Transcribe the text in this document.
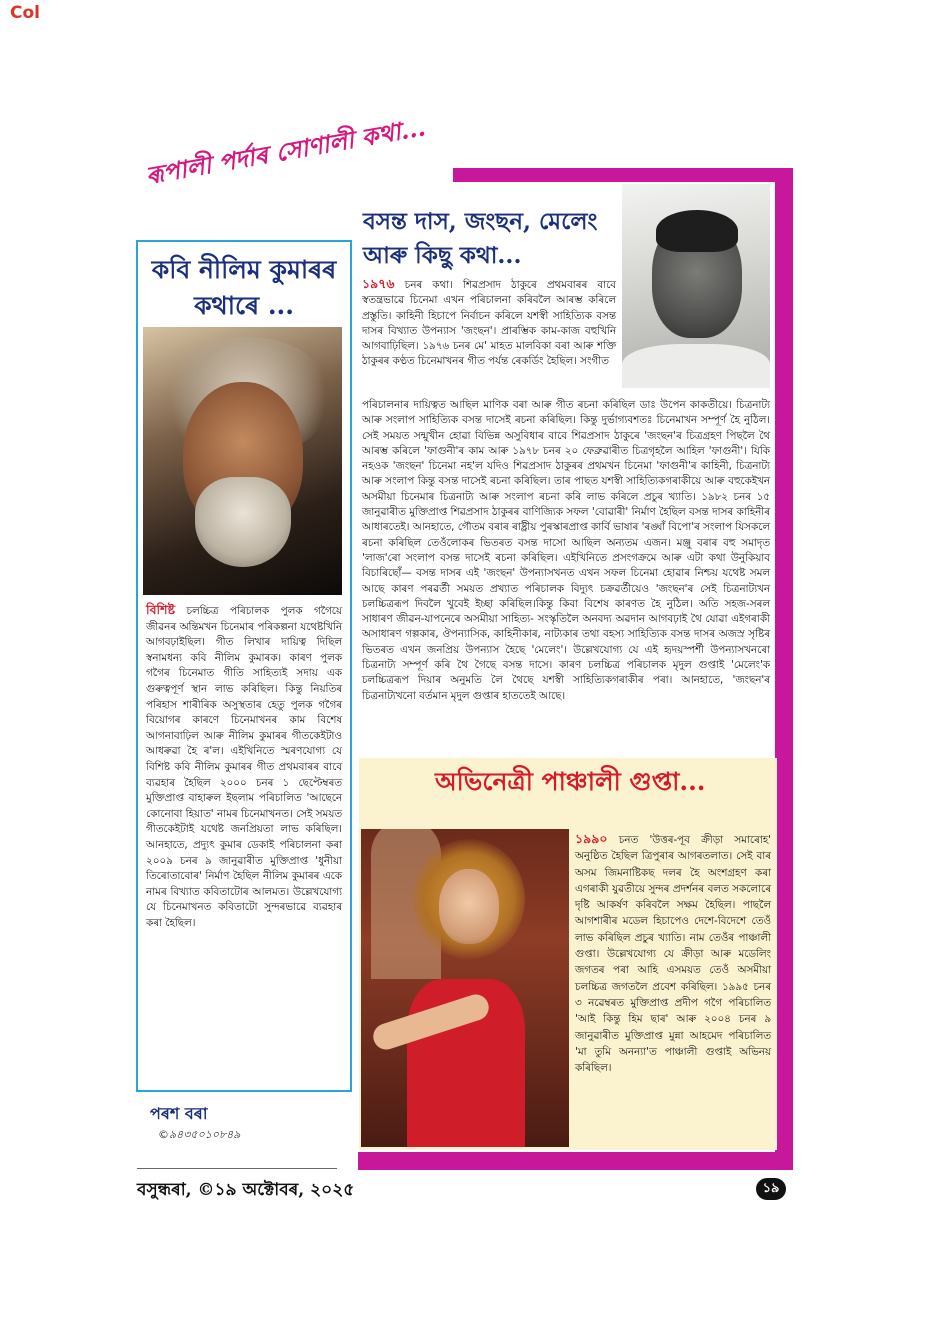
Col
ৰূপালী পৰ্দাৰ সোণালী কথা...
কবি নীলিম কুমাৰৰ কথাৰে ...
বিশিষ্ট চলচ্চিত্ৰ পৰিচালক পুলক গগৈয়ে জীৱনৰ অন্তিমখন চিনেমাৰ পৰিকল্পনা যথেষ্টখিনি আগবঢ়াইছিল। গীত লিখাৰ দায়িত্ব দিছিল স্বনামধন্য কবি নীলিম কুমাৰক। কাৰণ পুলক গগৈৰ চিনেমাত গীতি সাহিত্যই সদায় এক গুৰুত্বপূৰ্ণ স্থান লাভ কৰিছিল। কিন্তু নিয়তিৰ পৰিহাস শাৰীৰিক অসুস্থতাৰ হেতু পুলক গগৈৰ বিয়োগৰ কাৰণে চিনেমাখনৰ কাম বিশেষ আগনাবাঢ়িল আৰু নীলিম কুমাৰৰ গীতকেইটাও আধৰুৱা হৈ ৰ'ল। এইখিনিতে স্মৰণযোগ্য যে বিশিষ্ট কবি নীলিম কুমাৰৰ গীত প্ৰথমবাৰৰ বাবে ব্যৱহাৰ হৈছিল ২০০০ চনৰ ১ ছেপ্টেম্বৰত মুক্তিপ্ৰাপ্ত বাহাৰুল ইছলাম পৰিচালিত 'আছেনে কোনোবা হিয়াত' নামৰ চিনেমাখনত। সেই সময়ত গীতকেইটাই যথেষ্ট জনপ্ৰিয়তা লাভ কৰিছিল। আনহাতে, প্ৰদ্যুৎ কুমাৰ ডেকাই পৰিচালনা কৰা ২০০৯ চনৰ ৯ জানুৱাৰীত মুক্তিপ্ৰাপ্ত 'ধুনীয়া তিৰোতাবোৰ' নিৰ্মাণ হৈছিল নীলিম কুমাৰৰ একে নামৰ বিখ্যাত কবিতাটোৰ আলমত। উল্লেখযোগ্য যে চিনেমাখনত কবিতাটো সুন্দৰভাৱে ব্যৱহাৰ কৰা হৈছিল।
পৰশ বৰা
©৯৪৩৫০১০৮৪৯
বসন্ত দাস, জংছন, মেলেং আৰু কিছু কথা...
১৯৭৬ চনৰ কথা। শিৱপ্ৰসাদ ঠাকুৰে প্ৰথমবাৰৰ বাবে স্বতন্ত্ৰভাৱে চিনেমা এখন পৰিচালনা কৰিবলৈ আৰম্ভ কৰিলে প্ৰস্তুতি। কাহিনী হিচাপে নিৰ্বাচন কৰিলে যশস্বী সাহিত্যিক বসন্ত দাসৰ বিখ্যাত উপন্যাস 'জংছন'। প্ৰাৰম্ভিক কাম-কাজ বহুখিনি আগবাঢ়িছিল। ১৯৭৬ চনৰ মে' মাহত মালবিকা বৰা আৰু শক্তি ঠাকুৰৰ কণ্ঠত চিনেমাখনৰ গীত পৰ্যন্ত ৰেকৰ্ডিং হৈছিল। সংগীত
পৰিচালনাৰ দায়িত্বত আছিল মাণিক বৰা আৰু গীত ৰচনা কৰিছিল ডাঃ উপেন কাকতীয়ে। চিত্ৰনাট্য আৰু সংলাপ সাহিত্যিক বসন্ত দাসেই ৰচনা কৰিছিল। কিন্তু দুৰ্ভাগ্যবশতঃ চিনেমাখন সম্পূৰ্ণ হৈ নুঠিল। সেই সময়ত সন্মুখীন হোৱা বিভিন্ন অসুবিধাৰ বাবে শিৱপ্ৰসাদ ঠাকুৰে 'জংছন'ৰ চিত্ৰগ্ৰহণ পিছলৈ থৈ আৰম্ভ কৰিলে 'ফাগুনী'ৰ কাম আৰু ১৯৭৮ চনৰ ২০ ফেব্ৰুৱাৰীত চিত্ৰগৃহলৈ আহিল 'ফাগুনী'। যিকি নহওক 'জংছন' চিনেমা নহ'ল যদিও শিৱপ্ৰসাদ ঠাকুৰৰ প্ৰথমখন চিনেমা 'ফাগুনী'ৰ কাহিনী, চিত্ৰনাট্য আৰু সংলাপ কিন্তু বসন্ত দাসেই ৰচনা কৰিছিল। তাৰ পাছত যশস্বী সাহিত্যিকগৰাকীয়ে আৰু বহুকেইখন অসমীয়া চিনেমাৰ চিত্ৰনাট্য আৰু সংলাপ ৰচনা কৰি লাভ কৰিলে প্ৰচুৰ খ্যাতি। ১৯৮২ চনৰ ১৫ জানুৱাৰীত মুক্তিপ্ৰাপ্ত শিৱপ্ৰসাদ ঠাকুৰৰ বাণিজ্যিক সফল 'বোৱাৰী' নিৰ্মাণ হৈছিল বসন্ত দাসৰ কাহিনীৰ আধাৰতেই। আনহাতে, গৌতম বৰাৰ ৰাষ্ট্ৰীয় পুৰস্কাৰপ্ৰাপ্ত কাৰ্বি ভাষাৰ 'ৰঙ্ঘাঁ বিপো'ৰ সংলাপ যিসকলে ৰচনা কৰিছিল তেওঁলোকৰ ভিতৰত বসন্ত দাসো আছিল অন্যতম এজন। মঞ্জু বৰাৰ বহু সমাদৃত 'লাজ'ৰো সংলাপ বসন্ত দাসেই ৰচনা কৰিছিল। এইখিনিতে প্ৰসংগক্ৰমে আৰু এটা কথা উনুকিয়াব বিচাৰিছোঁ— বসন্ত দাসৰ এই 'জংছন' উপন্যাসখনত এখন সফল চিনেমা হোৱাৰ নিশ্চয় যথেষ্ট সমল আছে কাৰণ পৰৱৰ্তী সময়ত প্ৰখ্যাত পৰিচালক বিদ্যুৎ চক্ৰৱৰ্তীয়েও 'জংছন'ৰ সেই চিত্ৰনাট্যখন চলচ্চিত্ৰৰূপ দিবলৈ খুবেই ইচ্ছা কৰিছিল।কিন্তু কিবা বিশেষ কাৰণত হৈ নুঠিল। অতি সহজ-সৰল সাধাৰণ জীৱন-যাপনেৰে অসমীয়া সাহিত্য- সংস্কৃতিলৈ অনবদ্য অৱদান আগবঢ়াই থৈ যোৱা এইগৰাকী অসাধাৰণ গল্পকাৰ, ঔপন্যাসিক, কাহিনীকাৰ, নাট্যকাৰ তথা বহস্য সাহিত্যিক বসন্ত দাসৰ অজস্ৰ সৃষ্টিৰ ভিতৰত এখন জনপ্ৰিয় উপন্যাস হৈছে 'মেলেং'। উল্লেখযোগ্য যে এই হৃদয়স্পৰ্শী উপন্যাসখনৰো চিত্ৰনাট্য সম্পূৰ্ণ কৰি থৈ গৈছে বসন্ত দাসে। কাৰণ চলচ্চিত্ৰ পৰিচালক মৃদুল গুপ্তাই 'মেলেং'ক চলচ্চিত্ৰৰূপ দিয়াৰ অনুমতি লৈ থৈছে যশস্বী সাহিত্যিকগৰাকীৰ পৰা। আনহাতে, 'জংছন'ৰ চিত্ৰনাট্যখনো বৰ্তমান মৃদুল গুপ্তাৰ হাততেই আছে।
অভিনেত্ৰী পাঞ্চালী গুপ্তা...
১৯৯০ চনত 'উত্তৰ-পূব ক্ৰীড়া সমাৰোহ' অনুষ্ঠিত হৈছিল ত্ৰিপুৰাৰ আগৰতলাত। সেই বাৰ অসম জিমনাষ্টিকছ দলৰ হৈ অংশগ্ৰহণ কৰা এগৰাকী যুৱতীয়ে সুন্দৰ প্ৰদৰ্শনৰ বলত সকলোৰে দৃষ্টি আকৰ্ষণ কৰিবলৈ সক্ষম হৈছিল। পাছলৈ আগশাৰীৰ মডেল হিচাপেও দেশে-বিদেশে তেওঁ লাভ কৰিছিল প্ৰচুৰ খ্যাতি। নাম তেওঁৰ পাঞ্চালী গুপ্তা। উল্লেখযোগ্য যে ক্ৰীড়া আৰু মডেলিং জগতৰ পৰা আহি এসময়ত তেওঁ অসমীয়া চলচ্চিত্ৰ জগতলৈ প্ৰবেশ কৰিছিল। ১৯৯৫ চনৰ ৩ নৱেম্বৰত মুক্তিপ্ৰাপ্ত প্ৰদীপ গগৈ পৰিচালিত 'আই কিন্তু হিম ছাৰ' আৰু ২০০৪ চনৰ ৯ জানুৱাৰীত মুক্তিপ্ৰাপ্ত মুন্না আহমেদ পৰিচালিত 'মা তুমি অনন্যা'ত পাঞ্চালী গুপ্তাই অভিনয় কৰিছিল।
বসুন্ধৰা, ©১৯ অক্টোবৰ, ২০২৫	১৯
